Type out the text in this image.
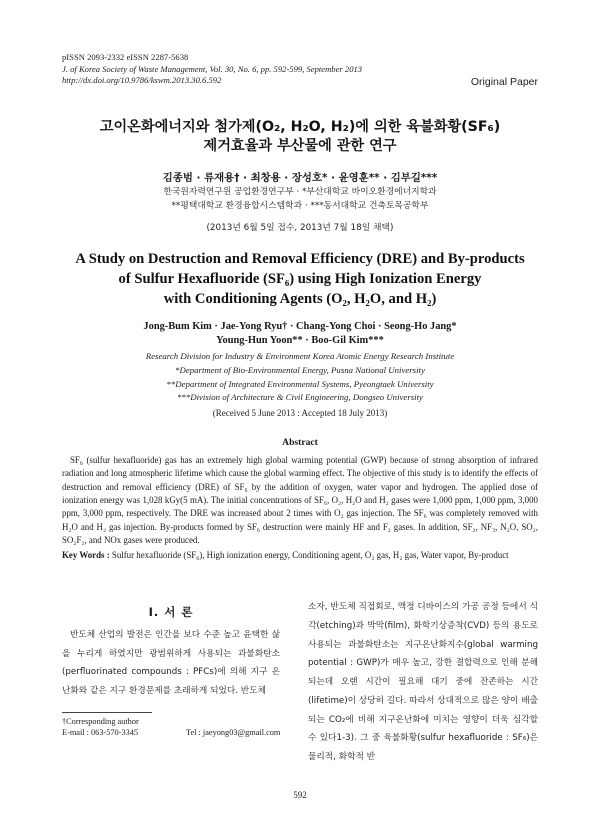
pISSN 2093-2332 eISSN 2287-5638
J. of Korea Society of Waste Management, Vol. 30, No. 6, pp. 592-599, September 2013
http://dx.doi.org/10.9786/kswm.2013.30.6.592	Original Paper
고이온화에너지와 첨가제(O₂, H₂O, H₂)에 의한 육불화황(SF₆)
제거효율과 부산물에 관한 연구
김종범 · 류재용† · 최창용 · 장성호* · 윤영훈** · 김부길***
한국원자력연구원 공업환경연구부 · *부산대학교 바이오환경에너지학과
**평택대학교 환경융합시스템학과 · ***동서대학교 건축토목공학부
(2013년 6월 5일 접수, 2013년 7월 18일 채택)
A Study on Destruction and Removal Efficiency (DRE) and By-products
of Sulfur Hexafluoride (SF₆) using High Ionization Energy
with Conditioning Agents (O₂, H₂O, and H₂)
Jong-Bum Kim · Jae-Yong Ryu† · Chang-Yong Choi · Seong-Ho Jang*
Young-Hun Yoon** · Boo-Gil Kim***
Research Division for Industry & Environment Korea Atomic Energy Research Institute
*Department of Bio-Environmental Energy, Pusna National University
**Department of Integrated Environmental Systems, Pyeongtaek University
***Division of Architecture & Civil Engineering, Dongseo University
(Received 5 June 2013 : Accepted 18 July 2013)
Abstract
SF₆ (sulfur hexafluoride) gas has an extremely high global warming potential (GWP) because of strong absorption of infrared radiation and long atmospheric lifetime which cause the global warming effect. The objective of this study is to identify the effects of destruction and removal efficiency (DRE) of SF₆ by the addition of oxygen, water vapor and hydrogen. The applied dose of ionization energy was 1,028 kGy(5 mA). The initial concentrations of SF₆, O₂, H₂O and H₂ gases were 1,000 ppm, 1,000 ppm, 3,000 ppm, 3,000 ppm, respectively. The DRE was increased about 2 times with O₂ gas injection. The SF₆ was completely removed with H₂O and H₂ gas injection. By-products formed by SF₆ destruction were mainly HF and F₂ gases. In addition, SF₂, NF₃, N₂O, SO₂, SO₂F₂, and NOx gases were produced.
Key Words : Sulfur hexafluoride (SF₆), High ionization energy, Conditioning agent, O₂ gas, H₂ gas, Water vapor, By-product
I. 서 론
반도체 산업의 발전은 인간을 보다 수준 높고 윤택한 삶을 누리게 하였지만 광범위하게 사용되는 과불화탄소(perfluorinated compounds : PFCs)에 의해 지구 온난화와 같은 지구 환경문제를 초래하게 되었다. 반도체
소자, 반도체 직접회로, 액정 디바이스의 가공 공정 등에서 식각(etching)과 박막(film), 화학기상증착(CVD) 등의 용도로 사용되는 과불화탄소는 지구온난화지수(global warming potential : GWP)가 매우 높고, 강한 결합력으로 인해 분해되는데 오랜 시간이 필요해 대기 중에 잔존하는 시간(lifetime)이 상당히 길다. 따라서 상대적으로 많은 양이 배출되는 CO₂에 비해 지구온난화에 미치는 영향이 더욱 심각할 수 있다1-3). 그 중 육불화황(sulfur hexafluoride : SF₆)은 물리적, 화학적 반
†Corresponding author
E-mail : 063-570-3345	Tel : jaeyong03@gmail.com
592
